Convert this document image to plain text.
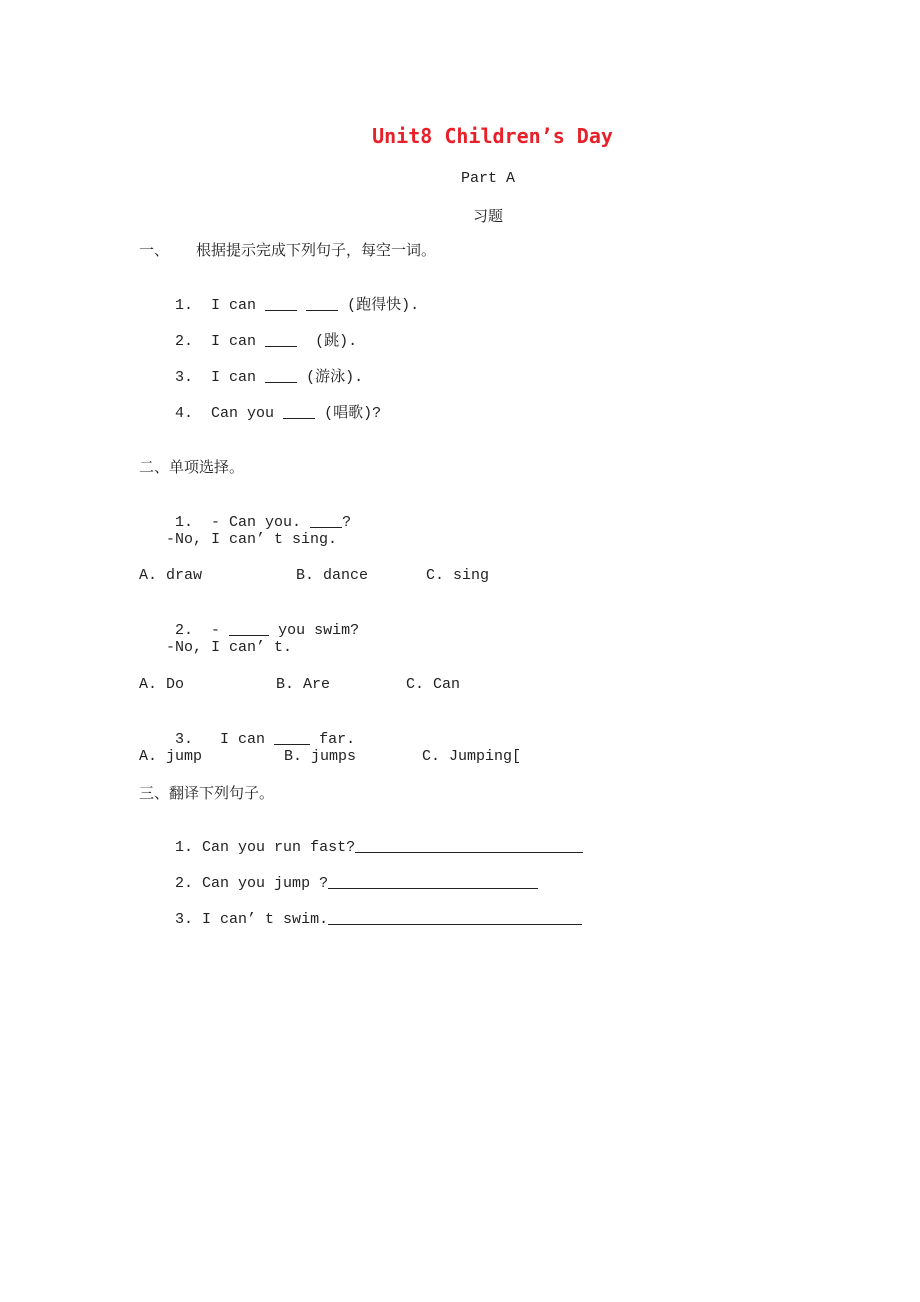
Unit8 Children’s Day
Part A
习题
一、 根据提示完成下列句子，每空一词。

1. I can	(跑得快).

2. I can	(跳).

3. I can	(游泳).

4. Can you	(唱歌)?

二、单项选择。

1. - Can you.	?

-No, I can’ t sing.
A. draw	B. dance	C. sing

2. -	you swim?

-No, I can’ t.
A. Do	B. Are	C. Can

3. I can	far.

A. jump	B. jumps	C. Jumping[
三、翻译下列句子。

1. Can you run fast?

2. Can you jump ?

3. I can’ t swim.
